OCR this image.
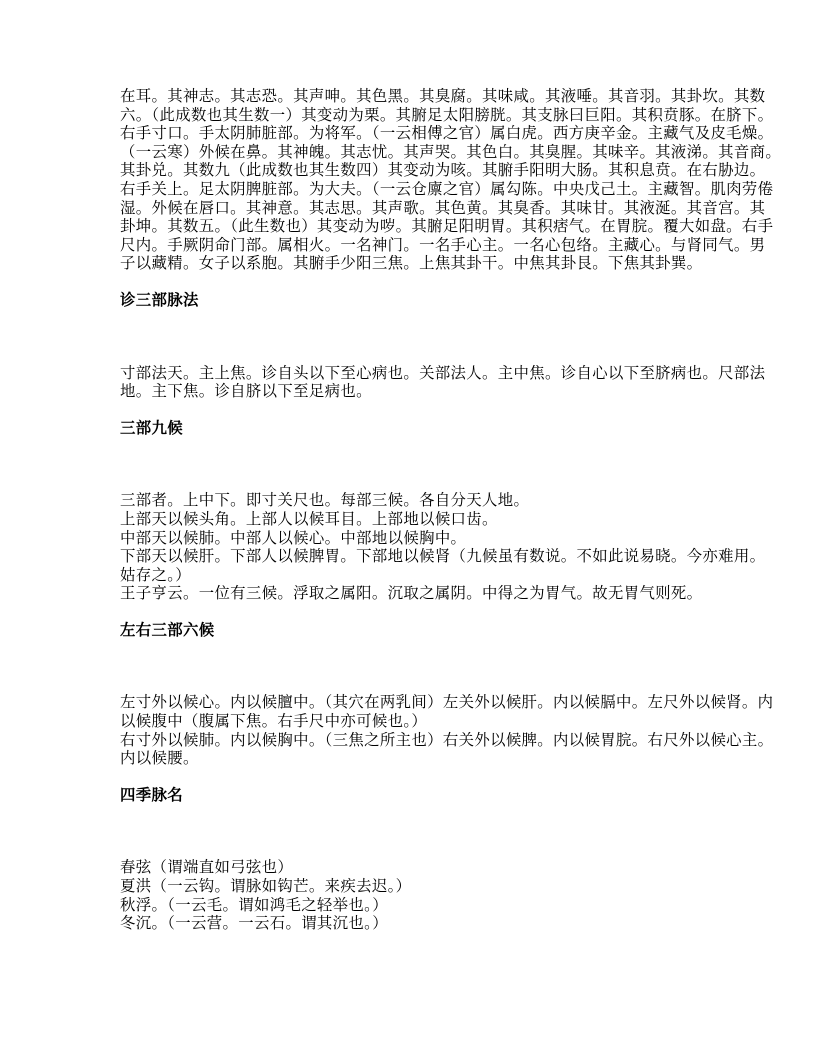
在耳。其神志。其志恐。其声呻。其色黑。其臭腐。其味咸。其液唾。其音羽。其卦坎。其数
六。（此成数也其生数一）其变动为栗。其腑足太阳膀胱。其支脉曰巨阳。其积贲豚。在脐下。
右手寸口。手太阴肺脏部。为将军。（一云相傅之官）属白虎。西方庚辛金。主藏气及皮毛燥。
（一云寒）外候在鼻。其神魄。其志忧。其声哭。其色白。其臭腥。其味辛。其液涕。其音商。
其卦兑。其数九（此成数也其生数四）其变动为咳。其腑手阳明大肠。其积息贲。在右胁边。
右手关上。足太阴脾脏部。为大夫。（一云仓廪之官）属勾陈。中央戊己土。主藏智。肌肉劳倦
湿。外候在唇口。其神意。其志思。其声歌。其色黄。其臭香。其味甘。其液涎。其音宫。其
卦坤。其数五。（此生数也）其变动为哕。其腑足阳明胃。其积痞气。在胃脘。覆大如盘。右手
尺内。手厥阴命门部。属相火。一名神门。一名手心主。一名心包络。主藏心。与肾同气。男
子以藏精。女子以系胞。其腑手少阳三焦。上焦其卦干。中焦其卦艮。下焦其卦巽。
诊三部脉法
寸部法天。主上焦。诊自头以下至心病也。关部法人。主中焦。诊自心以下至脐病也。尺部法
地。主下焦。诊自脐以下至足病也。
三部九候
三部者。上中下。即寸关尺也。每部三候。各自分天人地。
上部天以候头角。上部人以候耳目。上部地以候口齿。
中部天以候肺。中部人以候心。中部地以候胸中。
下部天以候肝。下部人以候脾胃。下部地以候肾（九候虽有数说。不如此说易晓。今亦难用。
姑存之。）
王子亨云。一位有三候。浮取之属阳。沉取之属阴。中得之为胃气。故无胃气则死。
左右三部六候
左寸外以候心。内以候膻中。（其穴在两乳间）左关外以候肝。内以候膈中。左尺外以候肾。内
以候腹中（腹属下焦。右手尺中亦可候也。）
右寸外以候肺。内以候胸中。（三焦之所主也）右关外以候脾。内以候胃脘。右尺外以候心主。
内以候腰。
四季脉名
春弦（谓端直如弓弦也）
夏洪（一云钩。谓脉如钩芒。来疾去迟。）
秋浮。（一云毛。谓如鸿毛之轻举也。）
冬沉。（一云营。一云石。谓其沉也。）
